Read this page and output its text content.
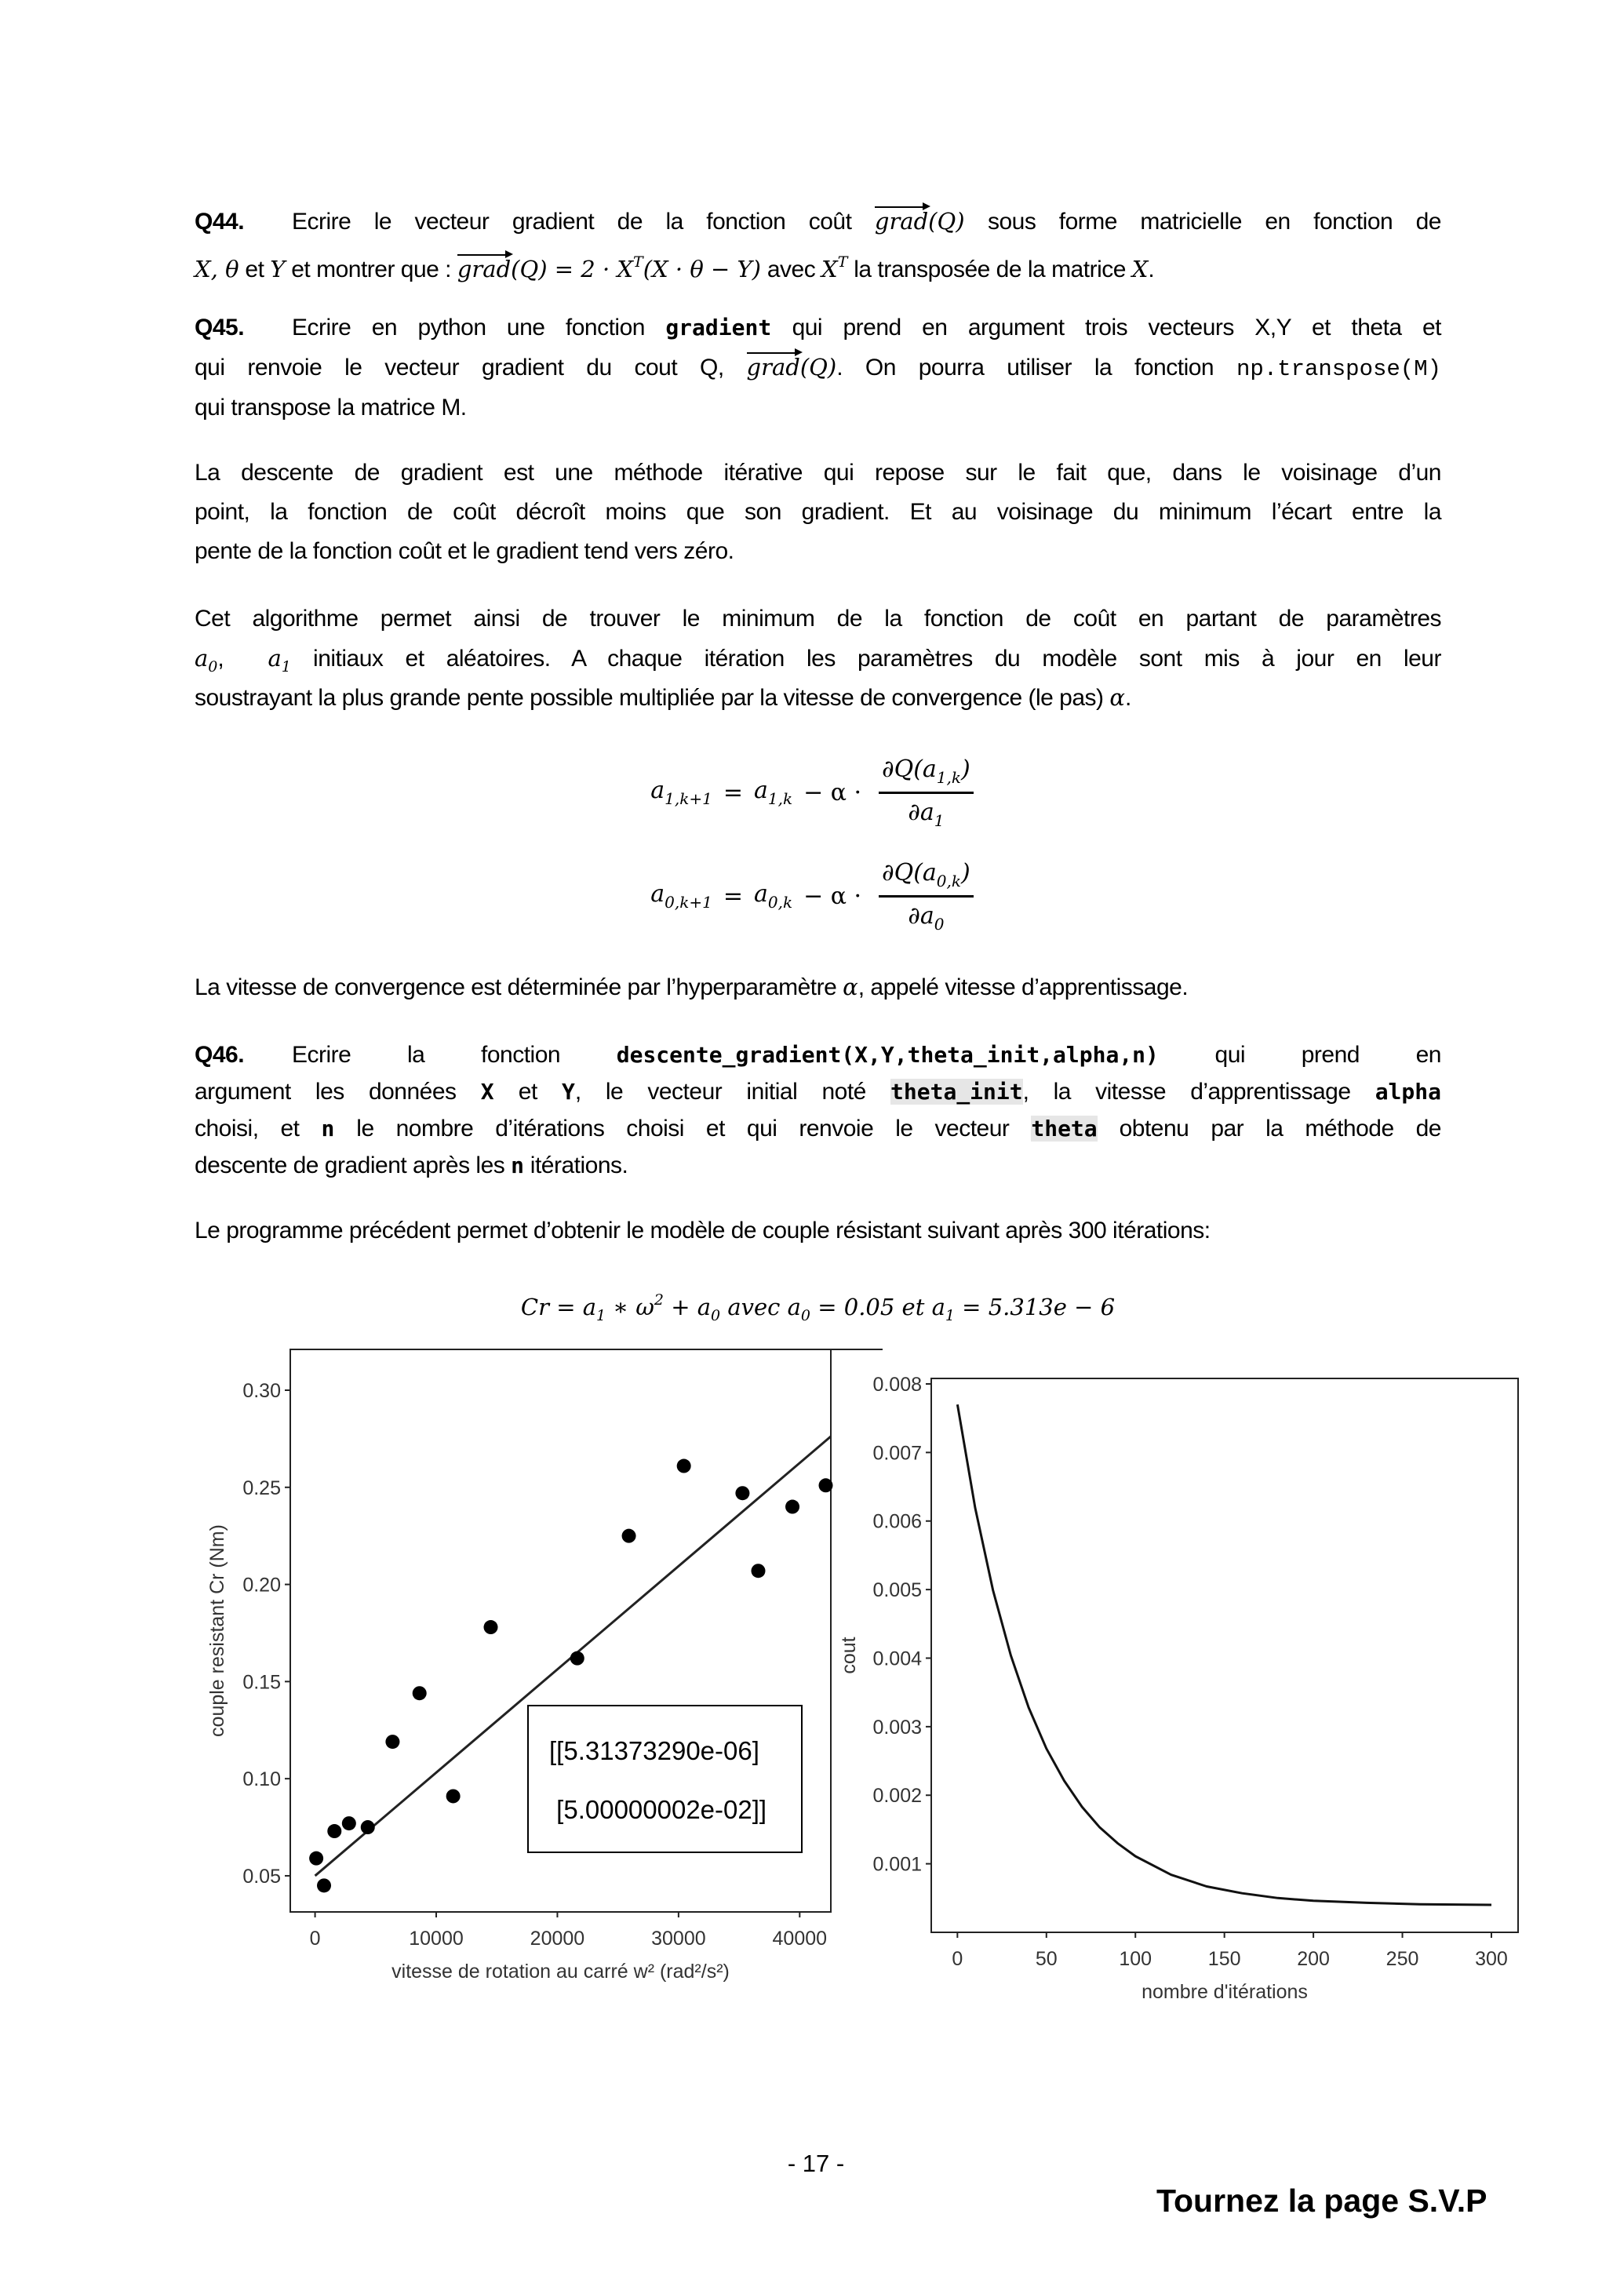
Q44. Ecrire le vecteur gradient de la fonction coût grad(Q) sous forme matricielle en fonction de
X, θ et Y et montrer que : grad(Q) = $2 \cdot X^T(X \cdot \theta - Y)$ avec $X^T$ la transposée de la matrice X.
Q45. Ecrire en python une fonction gradient qui prend en argument trois vecteurs X,Y et theta et
qui renvoie le vecteur gradient du cout Q, grad(Q). On pourra utiliser la fonction np.transpose(M)
qui transpose la matrice M.
La descente de gradient est une méthode itérative qui repose sur le fait que, dans le voisinage d’un
point, la fonction de coût décroît moins que son gradient. Et au voisinage du minimum l’écart entre la
pente de la fonction coût et le gradient tend vers zéro.
Cet algorithme permet ainsi de trouver le minimum de la fonction de coût en partant de paramètres
$a_0$,  $a_1$ initiaux et aléatoires. A chaque itération les paramètres du modèle sont mis à jour en leur
soustrayant la plus grande pente possible multipliée par la vitesse de convergence (le pas) α.
La vitesse de convergence est déterminée par l’hyperparamètre α, appelé vitesse d’apprentissage.
Q46. Ecrire la fonction descente_gradient(X,Y,theta_init,alpha,n) qui prend en
argument les données X et Y, le vecteur initial noté theta_init, la vitesse d’apprentissage alpha
choisi, et n le nombre d’itérations choisi et qui renvoie le vecteur theta obtenu par la méthode de
descente de gradient après les n itérations.
Le programme précédent permet d’obtenir le modèle de couple résistant suivant après 300 itérations:
$Cr = a_1$ ∗ $\omega^2 + a_0$ avec $a_0 = 0.05$ et $a_1 = 5.313e - 6$
$a_{1,k+1} = a_{1,k} - \alpha \cdot \frac{\partial Q(a_{1,k})}{\partial a_1}$
$a_{0,k+1} = a_{0,k} - \alpha \cdot \frac{\partial Q(a_{0,k})}{\partial a_0}$
0	10000	20000	30000	40000
0.05
0.10
0.15
0.20
0.25
0.30
vitesse de rotation au carré w² (rad²/s²)
couple resistant Cr (Nm)
[[5.31373290e-06]
[5.00000002e-02]]
0	50	100	150	200	250	300
0.001
0.002
0.003
0.004
0.005
0.006
0.007
0.008
nombre d'itérations
cout
- 17 -
Tournez la page S.V.P
